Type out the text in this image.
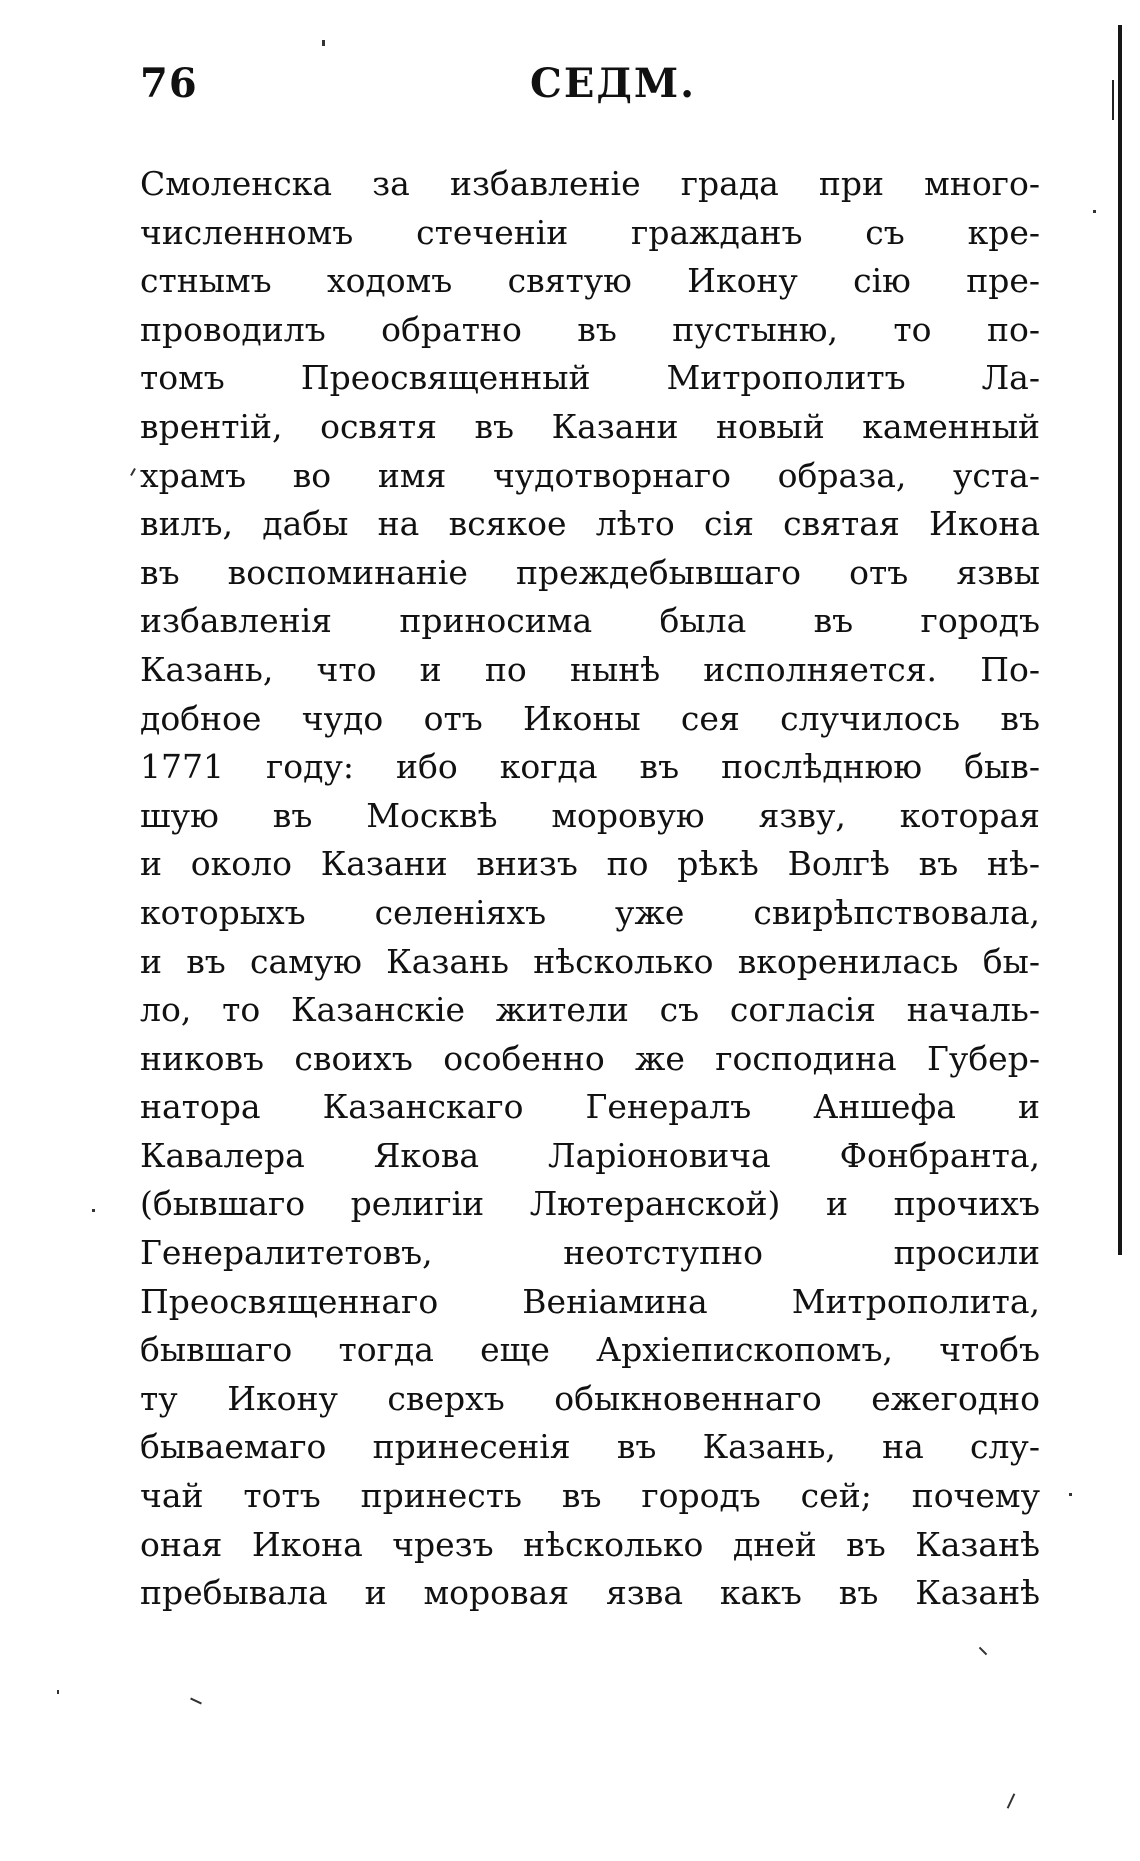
76	СЕДМ.
Смоленска за избавленіе града при много-
численномъ стеченіи гражданъ съ кре-
стнымъ ходомъ святую Икону сію пре-
проводилъ обратно въ пустыню, то по-
томъ Преосвященный Митрополитъ Ла-
врентій, освятя въ Казани новый каменный
храмъ во имя чудотворнаго образа, уста-
вилъ, дабы на всякое лѣто сія святая Икона
въ воспоминаніе преждебывшаго отъ язвы
избавленія приносима была въ городъ
Казань, что и по нынѣ исполняется. По-
добное чудо отъ Иконы сея случилось въ
1771 году: ибо когда въ послѣднюю быв-
шую въ Москвѣ моровую язву, которая
и около Казани внизъ по рѣкѣ Волгѣ въ нѣ-
которыхъ селеніяхъ уже свирѣпствовала,
и въ самую Казань нѣсколько вкоренилась бы-
ло, то Казанскіе жители съ согласія началь-
никовъ своихъ особенно же господина Губер-
натора Казанскаго Генералъ Аншефа и
Кавалера Якова Ларіоновича Фонбранта,
(бывшаго религіи Лютеранской) и прочихъ
Генералитетовъ, неотступно просили
Преосвященнаго Веніамина Митрополита,
бывшаго тогда еще Архіепископомъ, чтобъ
ту Икону сверхъ обыкновеннаго ежегодно
бываемаго принесенія въ Казань, на слу-
чай тотъ принесть въ городъ сей; почему
оная Икона чрезъ нѣсколько дней въ Казанѣ
пребывала и моровая язва какъ въ Казанѣ
